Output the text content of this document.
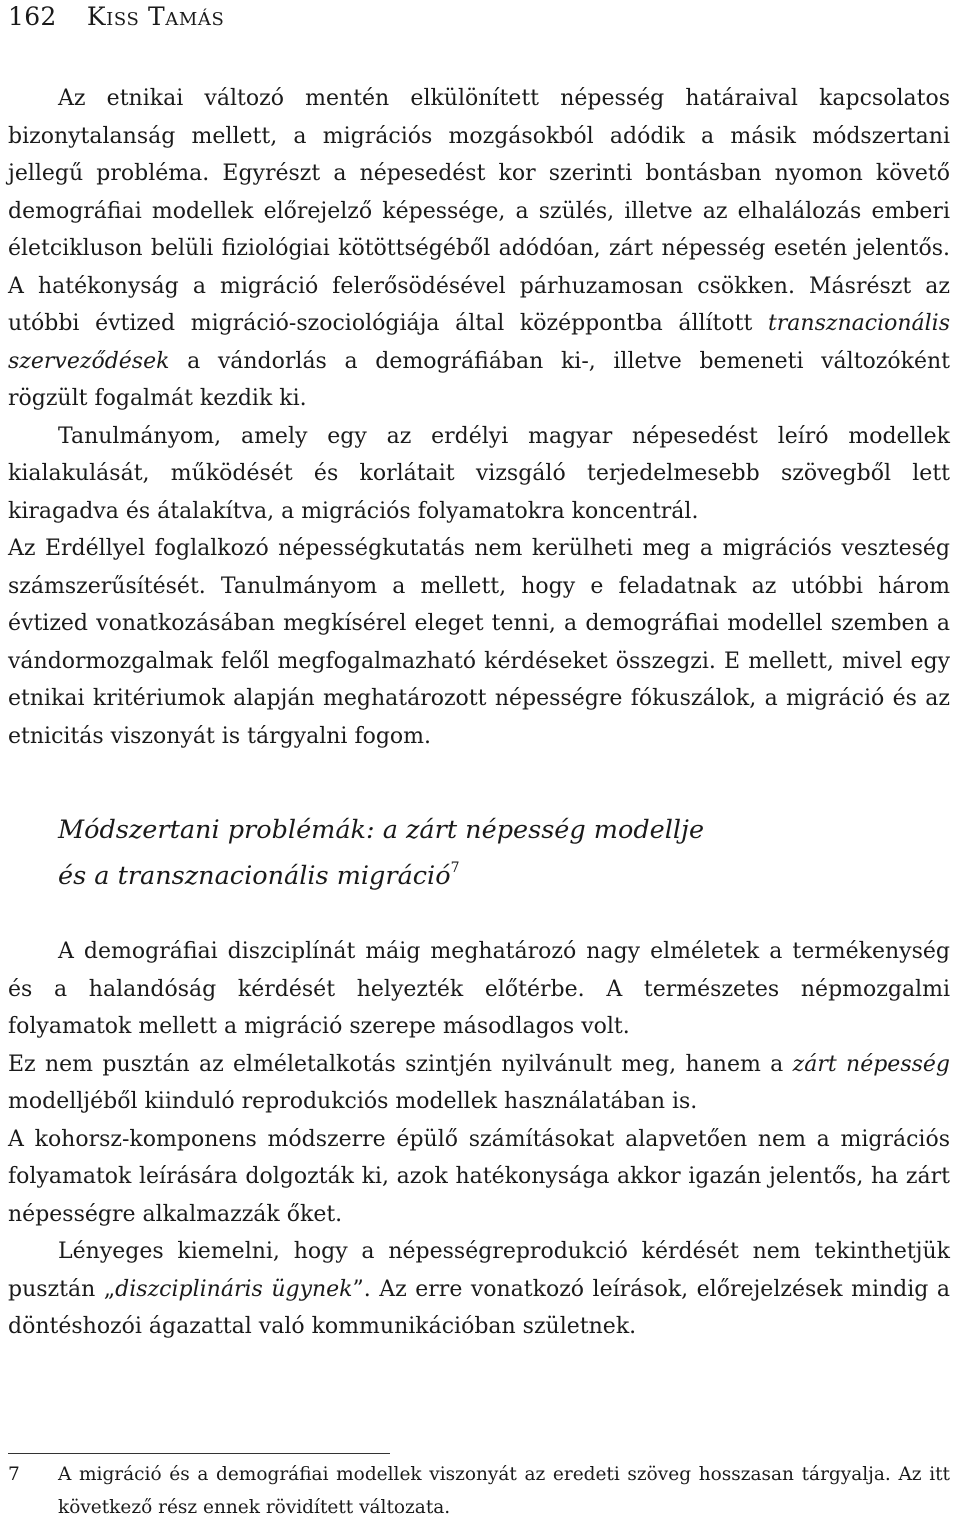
162 Kiss Tamás

Az etnikai változó mentén elkülönített népesség határaival kapcsolatos bizonytalanság mellett, a migrációs mozgásokból adódik a másik módszertani jellegű probléma. Egyrészt a népesedést kor szerinti bontásban nyomon követő demográfiai modellek előrejelző képessége, a szülés, illetve az elhalálozás emberi életcikluson belüli fiziológiai kötöttségéből adódóan, zárt népesség esetén jelentős. A hatékonyság a migráció felerősödésével párhuzamosan csökken. Másrészt az utóbbi évtized migráció-szociológiája által középpontba állított transznacionális szerveződések a vándorlás a demográfiában ki-, illetve bemeneti változóként rögzült fogalmát kezdik ki.

Tanulmányom, amely egy az erdélyi magyar népesedést leíró modellek kialakulását, működését és korlátait vizsgáló terjedelmesebb szövegből lett kiragadva és átalakítva, a migrációs folyamatokra koncentrál.

Az Erdéllyel foglalkozó népességkutatás nem kerülheti meg a migrációs veszteség számszerűsítését. Tanulmányom a mellett, hogy e feladatnak az utóbbi három évtized vonatkozásában megkísérel eleget tenni, a demográfiai modellel szemben a vándormozgalmak felől megfogalmazható kérdéseket összegzi. E mellett, mivel egy etnikai kritériumok alapján meghatározott népességre fókuszálok, a migráció és az etnicitás viszonyát is tárgyalni fogom.

Módszertani problémák: a zárt népesség modellje
és a transznacionális migráció$^7$

A demográfiai diszciplínát máig meghatározó nagy elméletek a termékenység és a halandóság kérdését helyezték előtérbe. A természetes népmozgalmi folyamatok mellett a migráció szerepe másodlagos volt.

Ez nem pusztán az elméletalkotás szintjén nyilvánult meg, hanem a zárt népesség modelljéből kiinduló reprodukciós modellek használatában is.

A kohorsz-komponens módszerre épülő számításokat alapvetően nem a migrációs folyamatok leírására dolgozták ki, azok hatékonysága akkor igazán jelentős, ha zárt népességre alkalmazzák őket.

Lényeges kiemelni, hogy a népességreprodukció kérdését nem tekinthetjük pusztán „diszciplináris ügynek”. Az erre vonatkozó leírások, előrejelzések mindig a döntéshozói ágazattal való kommunikációban születnek.

7 A migráció és a demográfiai modellek viszonyát az eredeti szöveg hosszasan tárgyalja. Az itt következő rész ennek rövidített változata.
